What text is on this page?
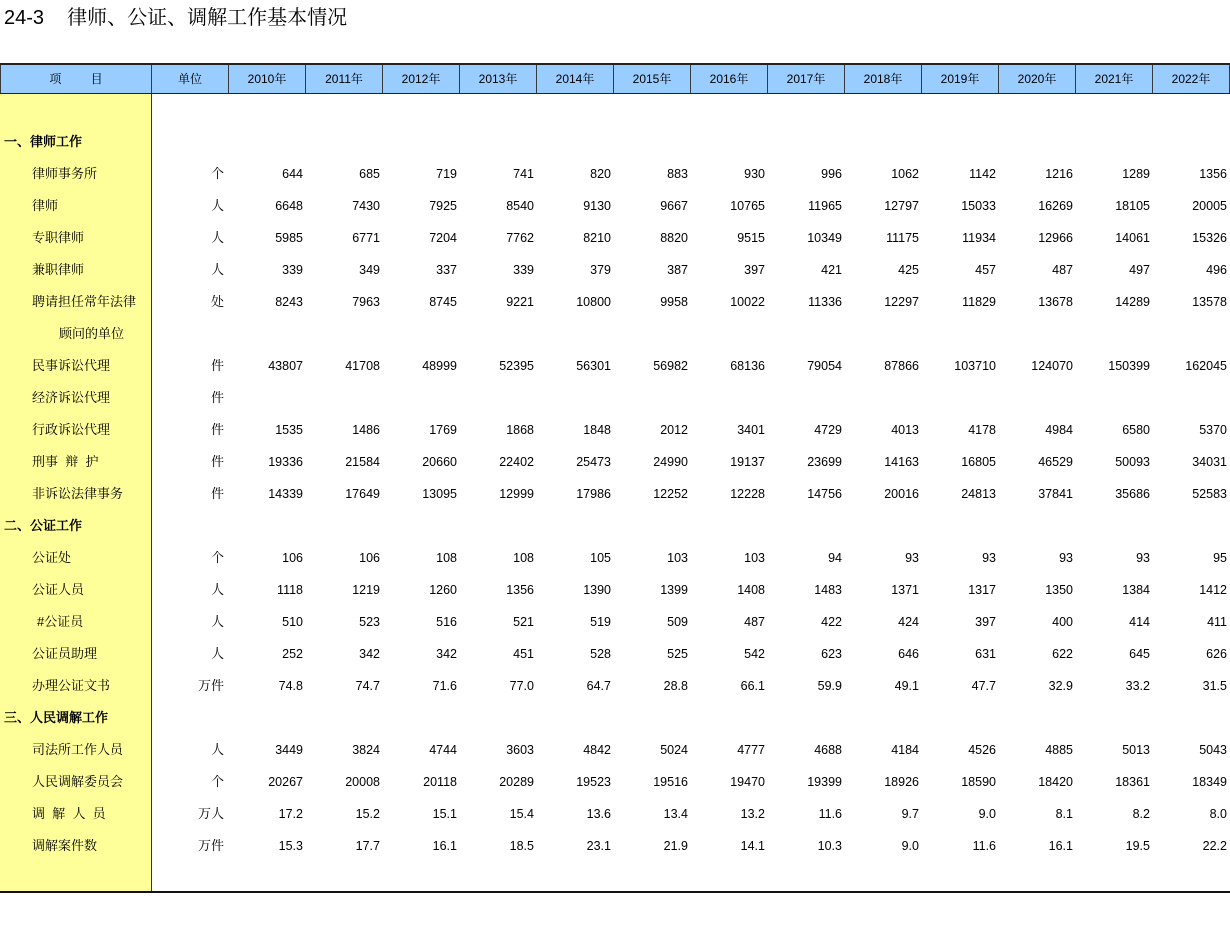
24-3  律师、公证、调解工作基本情况
项 目	单位	2010年	2011年	2012年	2013年	2014年	2015年	2016年	2017年	2018年	2019年	2020年	2021年	2022年
一、律师工作
律师事务所	个	644	685	719	741	820	883	930	996	1062	1142	1216	1289	1356
律师	人	6648	7430	7925	8540	9130	9667	10765	11965	12797	15033	16269	18105	20005
专职律师	人	5985	6771	7204	7762	8210	8820	9515	10349	11175	11934	12966	14061	15326
兼职律师	人	339	349	337	339	379	387	397	421	425	457	487	497	496
聘请担任常年法律	处	8243	7963	8745	9221	10800	9958	10022	11336	12297	11829	13678	14289	13578
顾问的单位
民事诉讼代理	件	43807	41708	48999	52395	56301	56982	68136	79054	87866	103710	124070	150399	162045
经济诉讼代理	件
行政诉讼代理	件	1535	1486	1769	1868	1848	2012	3401	4729	4013	4178	4984	6580	5370
刑事  辩  护	件	19336	21584	20660	22402	25473	24990	19137	23699	14163	16805	46529	50093	34031
非诉讼法律事务	件	14339	17649	13095	12999	17986	12252	12228	14756	20016	24813	37841	35686	52583
二、公证工作
公证处	个	106	106	108	108	105	103	103	94	93	93	93	93	95
公证人员	人	1118	1219	1260	1356	1390	1399	1408	1483	1371	1317	1350	1384	1412
#公证员	人	510	523	516	521	519	509	487	422	424	397	400	414	411
公证员助理	人	252	342	342	451	528	525	542	623	646	631	622	645	626
办理公证文书	万件	74.8	74.7	71.6	77.0	64.7	28.8	66.1	59.9	49.1	47.7	32.9	33.2	31.5
三、人民调解工作
司法所工作人员	人	3449	3824	4744	3603	4842	5024	4777	4688	4184	4526	4885	5013	5043
人民调解委员会	个	20267	20008	20118	20289	19523	19516	19470	19399	18926	18590	18420	18361	18349
调  解  人  员	万人	17.2	15.2	15.1	15.4	13.6	13.4	13.2	11.6	9.7	9.0	8.1	8.2	8.0
调解案件数	万件	15.3	17.7	16.1	18.5	23.1	21.9	14.1	10.3	9.0	11.6	16.1	19.5	22.2
